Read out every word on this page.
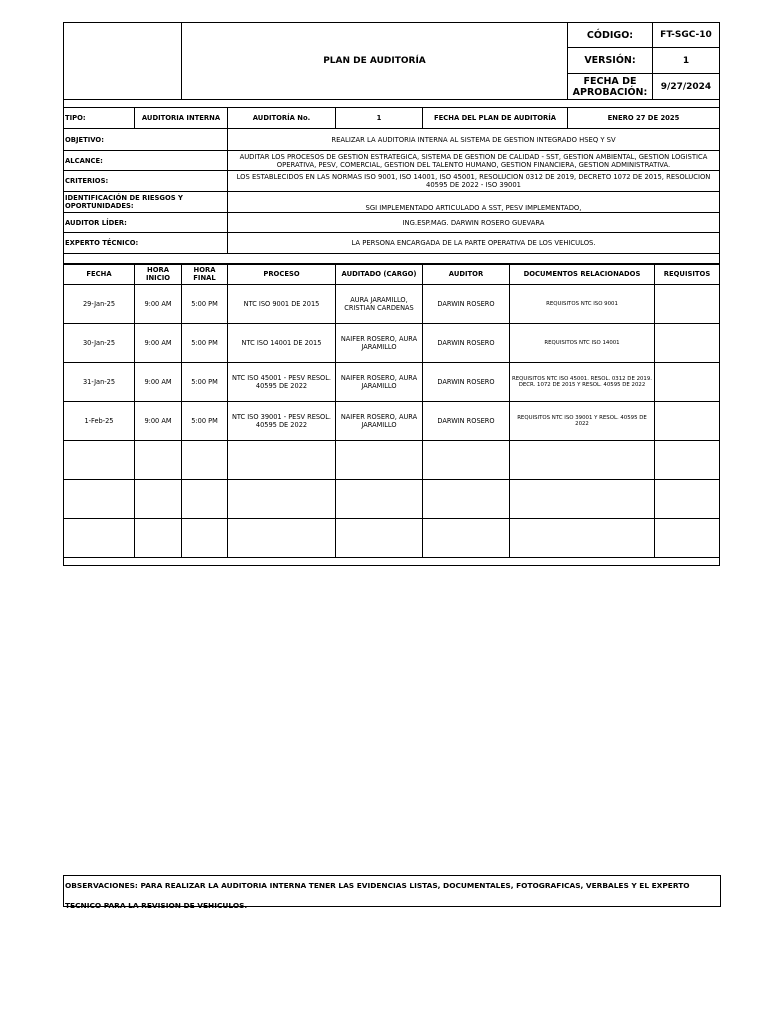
	PLAN DE AUDITORÍA	CÓDIGO:	FT-SGC-10
		VERSIÓN:	1
		FECHA DE APROBACIÓN:	9/27/2024

TIPO:	AUDITORIA INTERNA	AUDITORÍA No.	1	FECHA DEL PLAN DE AUDITORÍA	ENERO 27 DE 2025
OBJETIVO:		REALIZAR LA AUDITORIA INTERNA AL SISTEMA DE GESTION INTEGRADO HSEQ Y SV			
ALCANCE:		AUDITAR LOS PROCESOS DE GESTION ESTRATEGICA, SISTEMA DE GESTION DE CALIDAD - SST, GESTION AMBIENTAL, GESTION LOGISTICA OPERATIVA, PESV, COMERCIAL, GESTION DEL TALENTO HUMANO, GESTION FINANCIERA, GESTION ADMINISTRATIVA.			
CRITERIOS:		LOS ESTABLECIDOS EN LAS NORMAS ISO 9001, ISO 14001, ISO 45001, RESOLUCION 0312 DE 2019, DECRETO 1072 DE 2015, RESOLUCION 40595 DE 2022 - ISO 39001			
IDENTIFICACIÓN DE RIESGOS Y OPORTUNIDADES:		SGI IMPLEMENTADO ARTICULADO A SST, PESV IMPLEMENTADO,			
AUDITOR LÍDER:		ING.ESP.MAG. DARWIN ROSERO GUEVARA			
EXPERTO TÉCNICO:		LA PERSONA ENCARGADA DE LA PARTE OPERATIVA DE LOS VEHICULOS.			

FECHA	HORA INICIO	HORA FINAL	PROCESO	AUDITADO (CARGO)	AUDITOR	DOCUMENTOS RELACIONADOS	REQUISITOS
29-Jan-25	9:00 AM	5:00 PM	NTC ISO 9001 DE 2015	AURA JARAMILLO, CRISTIAN CARDENAS	DARWIN ROSERO	REQUISITOS NTC ISO 9001	
30-Jan-25	9:00 AM	5:00 PM	NTC ISO 14001 DE 2015	NAIFER ROSERO, AURA JARAMILLO	DARWIN ROSERO	REQUISITOS NTC ISO 14001	
31-Jan-25	9:00 AM	5:00 PM	NTC ISO 45001 - PESV RESOL. 40595 DE 2022	NAIFER ROSERO, AURA JARAMILLO	DARWIN ROSERO	REQUISITOS NTC ISO 45001. RESOL. 0312 DE 2019. DECR. 1072 DE 2015 Y RESOL. 40595 DE 2022	
1-Feb-25	9:00 AM	5:00 PM	NTC ISO 39001 - PESV RESOL. 40595 DE 2022	NAIFER ROSERO, AURA JARAMILLO	DARWIN ROSERO	REQUISITOS NTC ISO 39001 Y RESOL. 40595 DE 2022	

OBSERVACIONES: PARA REALIZAR LA AUDITORIA INTERNA TENER LAS EVIDENCIAS LISTAS, DOCUMENTALES, FOTOGRAFICAS, VERBALES Y EL EXPERTO TECNICO PARA LA REVISION DE VEHICULOS.
